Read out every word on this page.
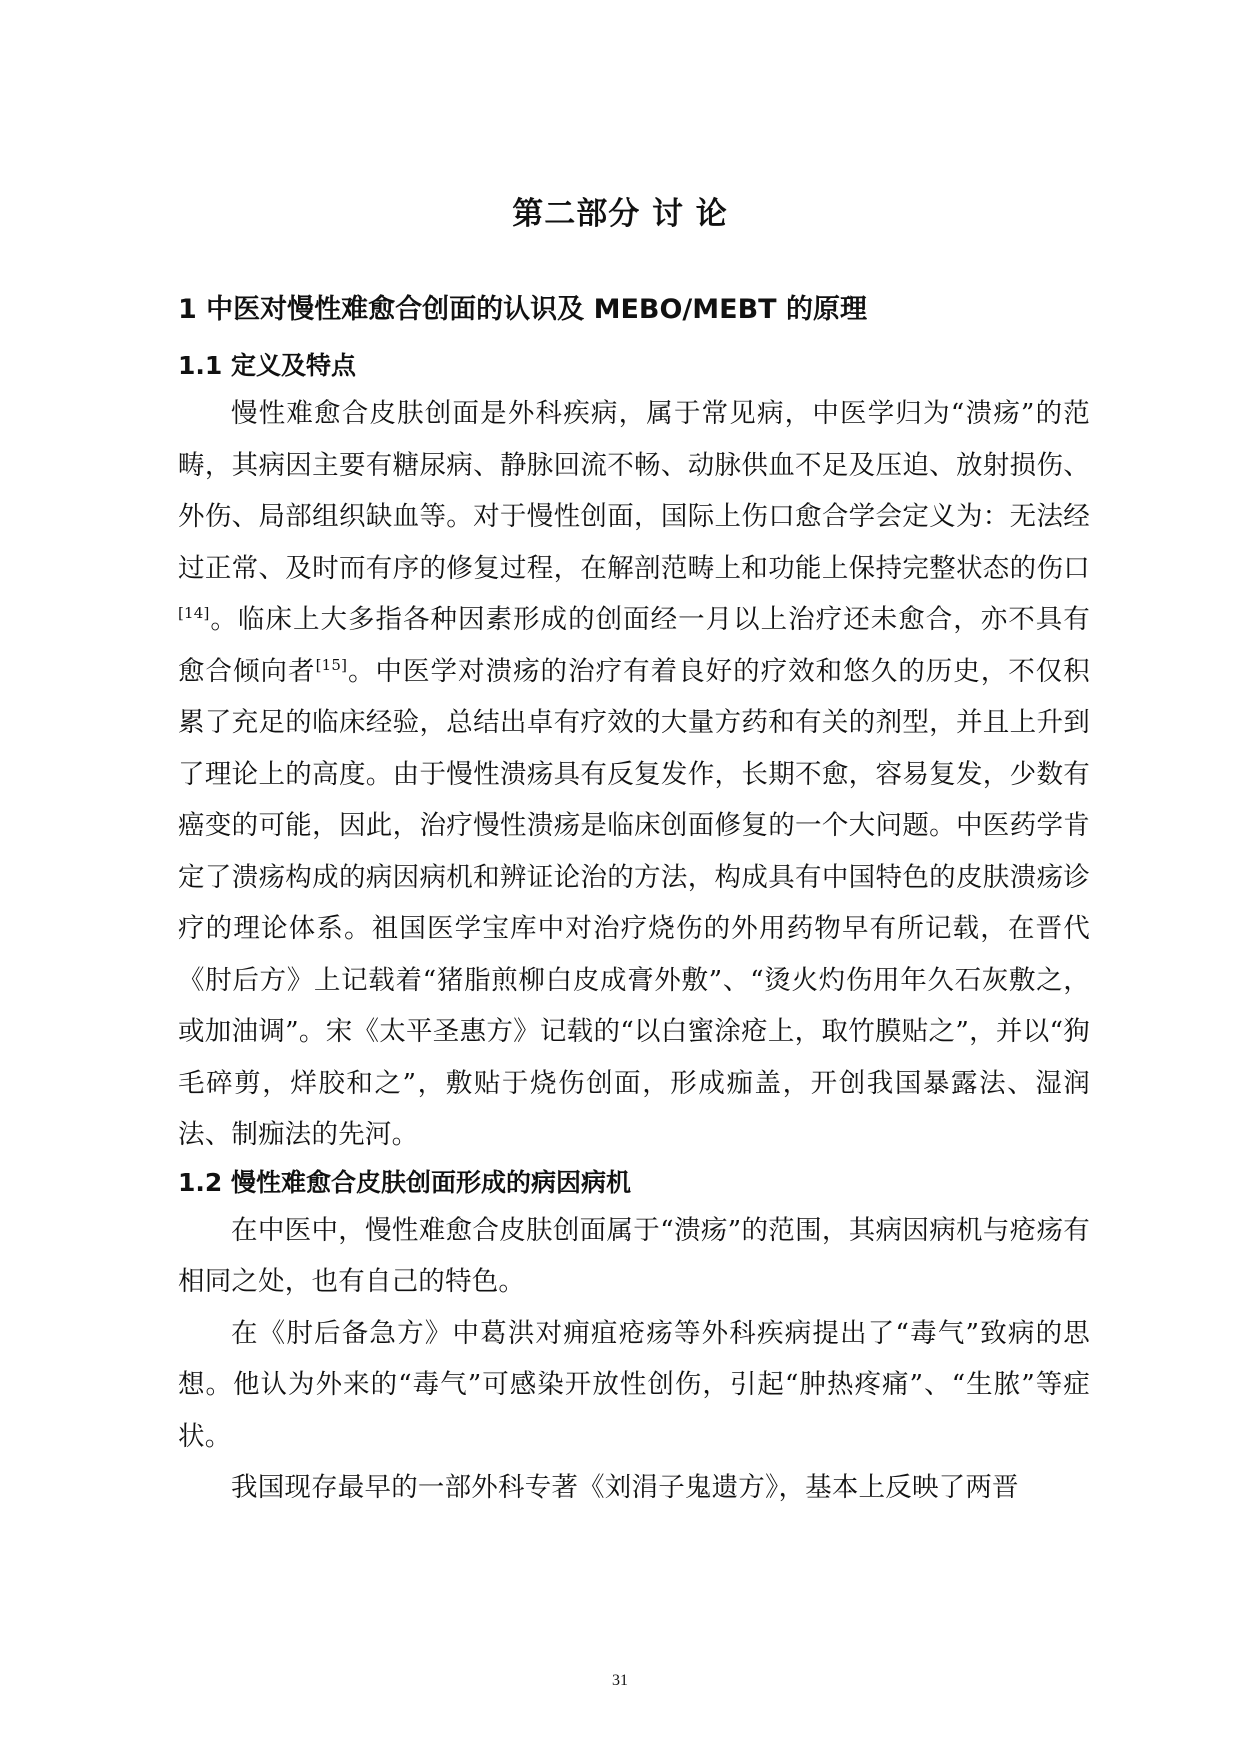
第二部分 讨 论
1 中医对慢性难愈合创面的认识及 MEBO/MEBT 的原理
1.1 定义及特点

慢性难愈合皮肤创面是外科疾病，属于常见病，中医学归为“溃疡”的范畴，其病因主要有糖尿病、静脉回流不畅、动脉供血不足及压迫、放射损伤、外伤、局部组织缺血等。对于慢性创面，国际上伤口愈合学会定义为：无法经过正常、及时而有序的修复过程，在解剖范畴上和功能上保持完整状态的伤口[14]。临床上大多指各种因素形成的创面经一月以上治疗还未愈合，亦不具有愈合倾向者[15]。中医学对溃疡的治疗有着良好的疗效和悠久的历史，不仅积累了充足的临床经验，总结出卓有疗效的大量方药和有关的剂型，并且上升到了理论上的高度。由于慢性溃疡具有反复发作，长期不愈，容易复发，少数有癌变的可能，因此，治疗慢性溃疡是临床创面修复的一个大问题。中医药学肯定了溃疡构成的病因病机和辨证论治的方法，构成具有中国特色的皮肤溃疡诊疗的理论体系。祖国医学宝库中对治疗烧伤的外用药物早有所记载，在晋代《肘后方》上记载着“猪脂煎柳白皮成膏外敷”、“烫火灼伤用年久石灰敷之，或加油调”。宋《太平圣惠方》记载的“以白蜜涂疮上，取竹膜贴之”，并以“狗毛碎剪，烊胶和之”，敷贴于烧伤创面，形成痂盖，开创我国暴露法、湿润法、制痂法的先河。

1.2 慢性难愈合皮肤创面形成的病因病机

在中医中，慢性难愈合皮肤创面属于“溃疡”的范围，其病因病机与疮疡有相同之处，也有自己的特色。

在《肘后备急方》中葛洪对痈疽疮疡等外科疾病提出了“毒气”致病的思想。他认为外来的“毒气”可感染开放性创伤，引起“肿热疼痛”、“生脓”等症状。

我国现存最早的一部外科专著《刘涓子鬼遗方》，基本上反映了两晋

31
